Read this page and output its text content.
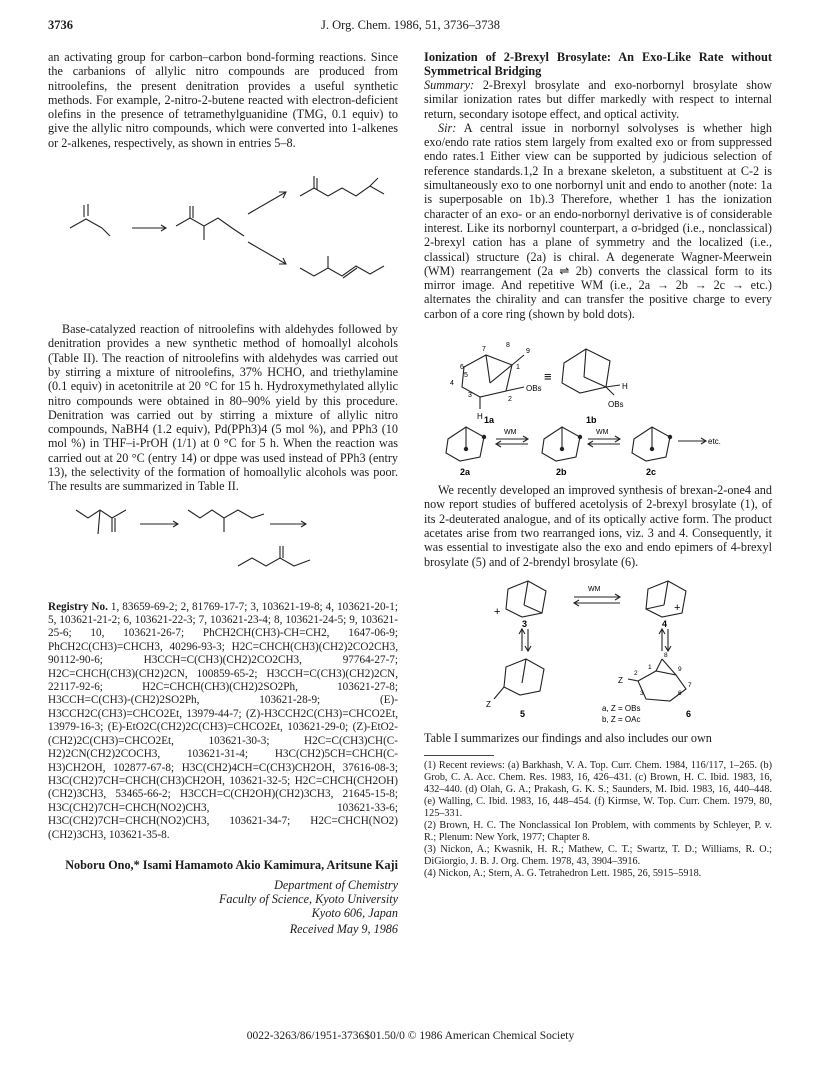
3736	J. Org. Chem. 1986, 51, 3736–3738

an activating group for carbon–carbon bond-forming reactions. Since the carbanions of allylic nitro compounds are produced from nitroolefins, the present denitration provides a useful synthetic methods. For example, 2-nitro-2-butene reacted with electron-deficient olefins in the presence of tetramethylguanidine (TMG, 0.1 equiv) to give the allylic nitro compounds, which were converted into 1-alkenes or 2-alkenes, respectively, as shown in entries 5–8.

Base-catalyzed reaction of nitroolefins with aldehydes followed by denitration provides a new synthetic method of homoallyl alcohols (Table II). The reaction of nitroolefins with aldehydes was carried out by stirring a mixture of nitroolefins, 37% HCHO, and triethylamine (0.1 equiv) in acetonitrile at 20 °C for 15 h. Hydroxymethylated allylic nitro compounds were obtained in 80–90% yield by this procedure. Denitration was carried out by stirring a mixture of allylic nitro compounds, NaBH4 (1.2 equiv), Pd(PPh3)4 (5 mol %), and PPh3 (10 mol %) in THF–i-PrOH (1/1) at 0 °C for 5 h. When the reaction was carried out at 20 °C (entry 14) or dppe was used instead of PPh3 (entry 13), the selectivity of the formation of homoallylic alcohols was poor. The results are summarized in Table II.

Registry No. 1, 83659-69-2; 2, 81769-17-7; 3, 103621-19-8; 4, 103621-20-1; 5, 103621-21-2; 6, 103621-22-3; 7, 103621-23-4; 8, 103621-24-5; 9, 103621-25-6; 10, 103621-26-7; PhCH2CH(CH3)-CH=CH2, 1647-06-9; PhCH2C(CH3)=CHCH3, 40296-93-3; H2C=CHCH(CH3)(CH2)2CO2CH3, 90112-90-6; H3CCH=C(CH3)(CH2)2CO2CH3, 97764-27-7; H2C=CHCH(CH3)(CH2)2CN, 100859-65-2; H3CCH=C(CH3)(CH2)2CN, 22117-92-6; H2C=CHCH(CH3)(CH2)2SO2Ph, 103621-27-8; H3CCH=C(CH3)-(CH2)2SO2Ph, 103621-28-9; (E)-H3CCH2C(CH3)=CHCO2Et, 13979-44-7; (Z)-H3CCH2C(CH3)=CHCO2Et, 13979-16-3; (E)-EtO2C(CH2)2C(CH3)=CHCO2Et, 103621-29-0; (Z)-EtO2-(CH2)2C(CH3)=CHCO2Et, 103621-30-3; H2C=C(CH3)CH(C-H2)2CN(CH2)2COCH3, 103621-31-4; H3C(CH2)5CH=CHCH(C-H3)CH2OH, 102877-67-8; H3C(CH2)4CH=C(CH3)CH2OH, 37616-08-3; H3C(CH2)7CH=CHCH(CH3)CH2OH, 103621-32-5; H2C=CHCH(CH2OH)(CH2)3CH3, 53465-66-2; H3CCH=C(CH2OH)(CH2)3CH3, 21645-15-8; H3C(CH2)7CH=CHCH(NO2)CH3, 103621-33-6; H3C(CH2)7CH=CHCH(NO2)CH3, 103621-34-7; H2C=CHCH(NO2)(CH2)3CH3, 103621-35-8.

Noboru Ono,* Isami Hamamoto Akio Kamimura, Aritsune Kaji
Department of Chemistry
Faculty of Science, Kyoto University
Kyoto 606, Japan
Received May 9, 1986

Ionization of 2-Brexyl Brosylate: An Exo-Like Rate without Symmetrical Bridging

Summary: 2-Brexyl brosylate and exo-norbornyl brosylate show similar ionization rates but differ markedly with respect to internal return, secondary isotope effect, and optical activity.

Sir: A central issue in norbornyl solvolyses is whether high exo/endo rate ratios stem largely from exalted exo or from suppressed endo rates.1 Either view can be supported by judicious selection of reference standards.1,2 In a brexane skeleton, a substituent at C-2 is simultaneously exo to one norbornyl unit and endo to another (note: 1a is superposable on 1b).3 Therefore, whether 1 has the ionization character of an exo- or an endo-norbornyl derivative is of considerable interest. Like its norbornyl counterpart, a σ-bridged (i.e., nonclassical) 2-brexyl cation has a plane of symmetry and the localized (i.e., classical) structure (2a) is chiral. A degenerate Wagner-Meerwein (WM) rearrangement (2a ⇌ 2b) converts the classical form to its mirror image. And repetitive WM (i.e., 2a → 2b → 2c → etc.) alternates the chirality and can transfer the positive charge to every carbon of a core ring (shown by bold dots).

≡
OBs
OBs
H
H
4
3
2
1
7
8
9
6
5
1a	1b
WM	WM
etc.
2a	2b	2c

We recently developed an improved synthesis of brexan-2-one4 and now report studies of buffered acetolysis of 2-brexyl brosylate (1), of its 2-deuterated analogue, and of its optically active form. The product acetates arise from two rearranged ions, viz. 3 and 4. Consequently, it was essential to investigate also the exo and endo epimers of 4-brexyl brosylate (5) and of 2-brendyl brosylate (6).

+	+
WM
3	4
Z
Z
5	6
a, Z = OBs
b, Z = OAc
2
1
8
9
7
6
3

Table I summarizes our findings and also includes our own

(1) Recent reviews: (a) Barkhash, V. A. Top. Curr. Chem. 1984, 116/117, 1–265. (b) Grob, C. A. Acc. Chem. Res. 1983, 16, 426–431. (c) Brown, H. C. Ibid. 1983, 16, 432–440. (d) Olah, G. A.; Prakash, G. K. S.; Saunders, M. Ibid. 1983, 16, 440–448. (e) Walling, C. Ibid. 1983, 16, 448–454. (f) Kirmse, W. Top. Curr. Chem. 1979, 80, 125–331.

(2) Brown, H. C. The Nonclassical Ion Problem, with comments by Schleyer, P. v. R.; Plenum: New York, 1977; Chapter 8.

(3) Nickon, A.; Kwasnik, H. R.; Mathew, C. T.; Swartz, T. D.; Williams, R. O.; DiGiorgio, J. B. J. Org. Chem. 1978, 43, 3904–3916.

(4) Nickon, A.; Stern, A. G. Tetrahedron Lett. 1985, 26, 5915–5918.

0022-3263/86/1951-3736$01.50/0 © 1986 American Chemical Society
